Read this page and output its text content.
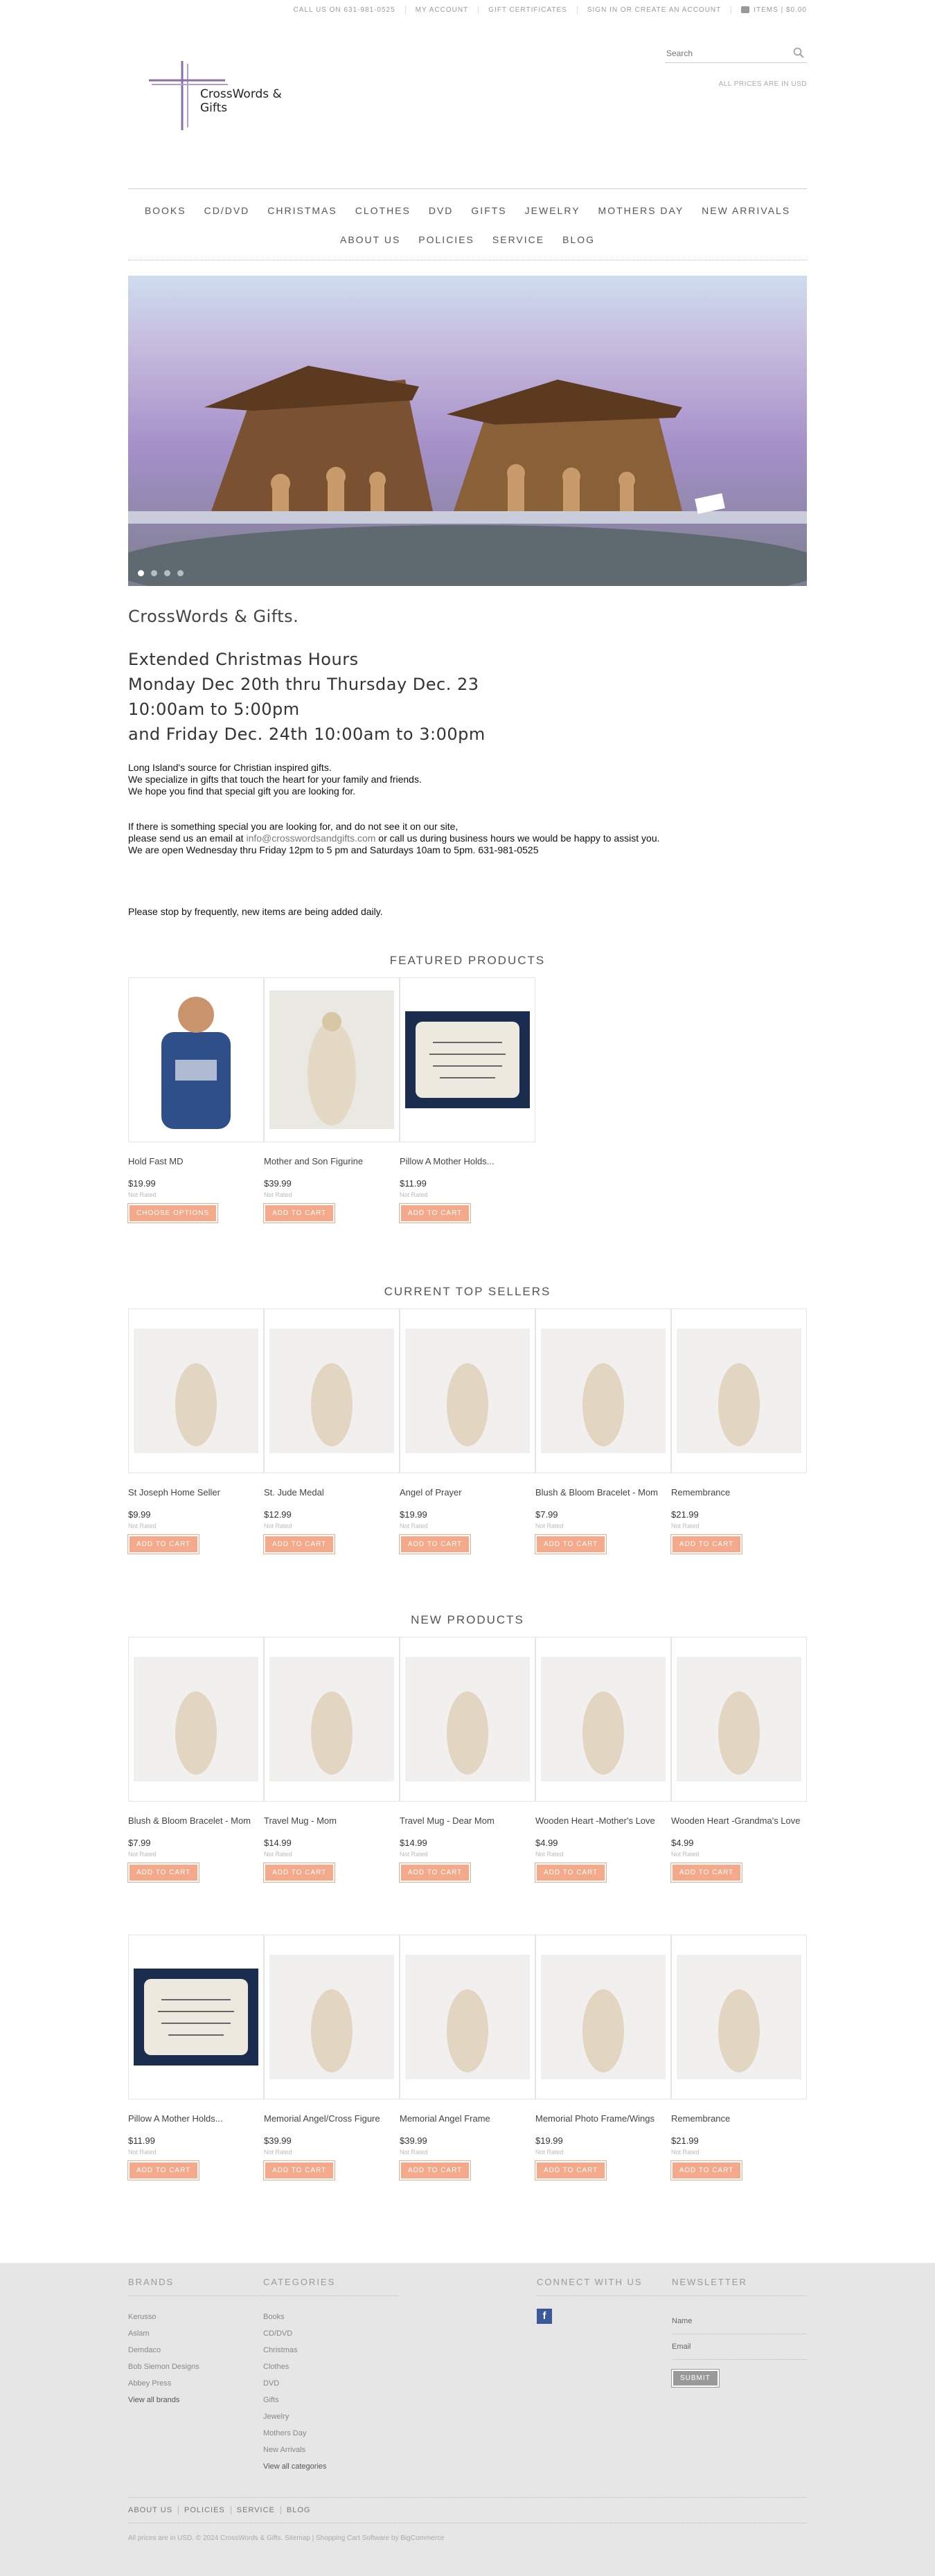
CALL US ON 631-981-0525	MY ACCOUNT	GIFT CERTIFICATES	SIGN IN OR CREATE AN ACCOUNT	ITEMS | $0.00
CrossWords & Gifts
Search
ALL PRICES ARE IN USD
BOOKS	CD/DVD	CHRISTMAS	CLOTHES	DVD	GIFTS	JEWELRY	MOTHERS DAY	NEW ARRIVALS
ABOUT US	POLICIES	SERVICE	BLOG
CrossWords & Gifts.
Extended Christmas Hours
Monday Dec 20th thru Thursday Dec. 23
10:00am to 5:00pm
and Friday Dec. 24th 10:00am to 3:00pm
Long Island's source for Christian inspired gifts.
We specialize in gifts that touch the heart for your family and friends.
We hope you find that special gift you are looking for.
If there is something special you are looking for, and do not see it on our site,
please send us an email at info@crosswordsandgifts.com or call us during business hours we would be happy to assist you.
We are open Wednesday thru Friday 12pm to 5 pm and Saturdays 10am to 5pm. 631-981-0525
Please stop by frequently, new items are being added daily.
FEATURED PRODUCTS
Hold Fast MD
$19.99
Not Rated
CHOOSE OPTIONS
Mother and Son Figurine
$39.99
Not Rated
ADD TO CART
Pillow A Mother Holds...
$11.99
Not Rated
ADD TO CART
CURRENT TOP SELLERS
St Joseph Home Seller
$9.99
Not Rated
ADD TO CART
St. Jude Medal
$12.99
Not Rated
ADD TO CART
Angel of Prayer
$19.99
Not Rated
ADD TO CART
Blush & Bloom Bracelet - Mom
$7.99
Not Rated
ADD TO CART
Remembrance
$21.99
Not Rated
ADD TO CART
NEW PRODUCTS
Blush & Bloom Bracelet - Mom
$7.99
Not Rated
ADD TO CART
Travel Mug - Mom
$14.99
Not Rated
ADD TO CART
Travel Mug - Dear Mom
$14.99
Not Rated
ADD TO CART
Wooden Heart -Mother's Love
$4.99
Not Rated
ADD TO CART
Wooden Heart -Grandma's Love
$4.99
Not Rated
ADD TO CART
Pillow A Mother Holds...
$11.99
Not Rated
ADD TO CART
Memorial Angel/Cross Figure
$39.99
Not Rated
ADD TO CART
Memorial Angel Frame
$39.99
Not Rated
ADD TO CART
Memorial Photo Frame/Wings
$19.99
Not Rated
ADD TO CART
Remembrance
$21.99
Not Rated
ADD TO CART
BRANDS
Kerusso
Aslam
Demdaco
Bob Siemon Designs
Abbey Press
View all brands
CATEGORIES
Books
CD/DVD
Christmas
Clothes
DVD
Gifts
Jewelry
Mothers Day
New Arrivals
View all categories
CONNECT WITH US
f
NEWSLETTER
Name
Email
SUBMIT
ABOUT US POLICIES SERVICE BLOG
All prices are in USD. © 2024 CrossWords & Gifts. Sitemap | Shopping Cart Software by BigCommerce
